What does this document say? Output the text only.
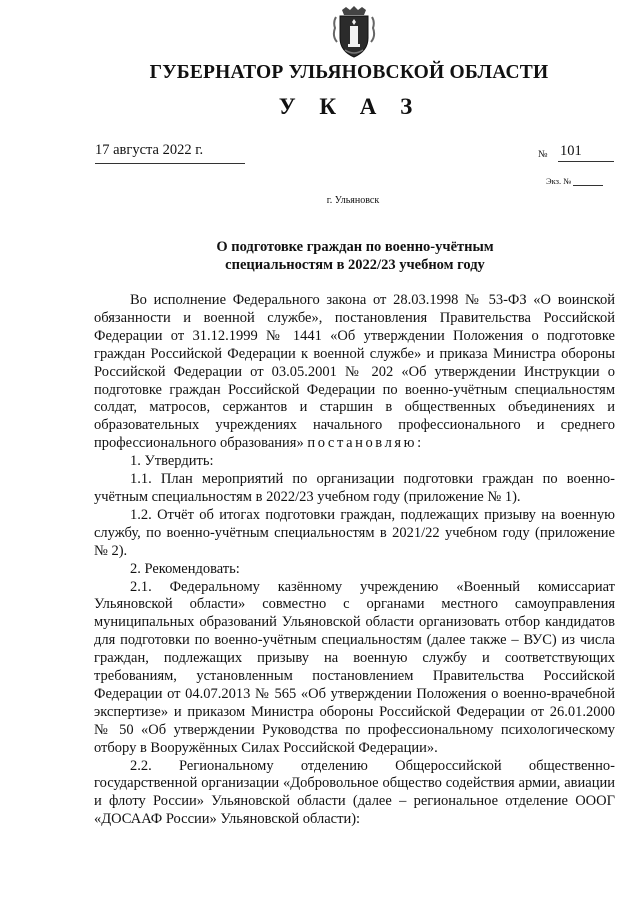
ГУБЕРНАТОР УЛЬЯНОВСКОЙ ОБЛАСТИ
У К А З
17 августа 2022 г.	№ 101
Экз. №
г. Ульяновск
О подготовке граждан по военно-учётным
специальностям в 2022/23 учебном году

Во исполнение Федерального закона от 28.03.1998 № 53-ФЗ «О воинской обязанности и военной службе», постановления Правительства Российской Федерации от 31.12.1999 № 1441 «Об утверждении Положения о подготовке граждан Российской Федерации к военной службе» и приказа Министра обороны Российской Федерации от 03.05.2001 № 202 «Об утверждении Инструкции о подготовке граждан Российской Федерации по военно-учётным специальностям солдат, матросов, сержантов и старшин в общественных объединениях и образовательных учреждениях начального профессионального и среднего профессионального образования» постановляю:

1. Утвердить:

1.1. План мероприятий по организации подготовки граждан по военно-учётным специальностям в 2022/23 учебном году (приложение № 1).

1.2. Отчёт об итогах подготовки граждан, подлежащих призыву на военную службу, по военно-учётным специальностям в 2021/22 учебном году (приложение № 2).

2. Рекомендовать:

2.1. Федеральному казённому учреждению «Военный комиссариат Ульяновской области» совместно с органами местного самоуправления муниципальных образований Ульяновской области организовать отбор кандидатов для подготовки по военно-учётным специальностям (далее также – ВУС) из числа граждан, подлежащих призыву на военную службу и соответствующих требованиям, установленным постановлением Правительства Российской Федерации от 04.07.2013 № 565 «Об утверждении Положения о военно-врачебной экспертизе» и приказом Министра обороны Российской Федерации от 26.01.2000 № 50 «Об утверждении Руководства по профессиональному психологическому отбору в Вооружённых Силах Российской Федерации».

2.2. Региональному отделению Общероссийской общественно-государственной организации «Добровольное общество содействия армии, авиации и флоту России» Ульяновской области (далее – региональное отделение ОООГ «ДОСААФ России» Ульяновской области):
